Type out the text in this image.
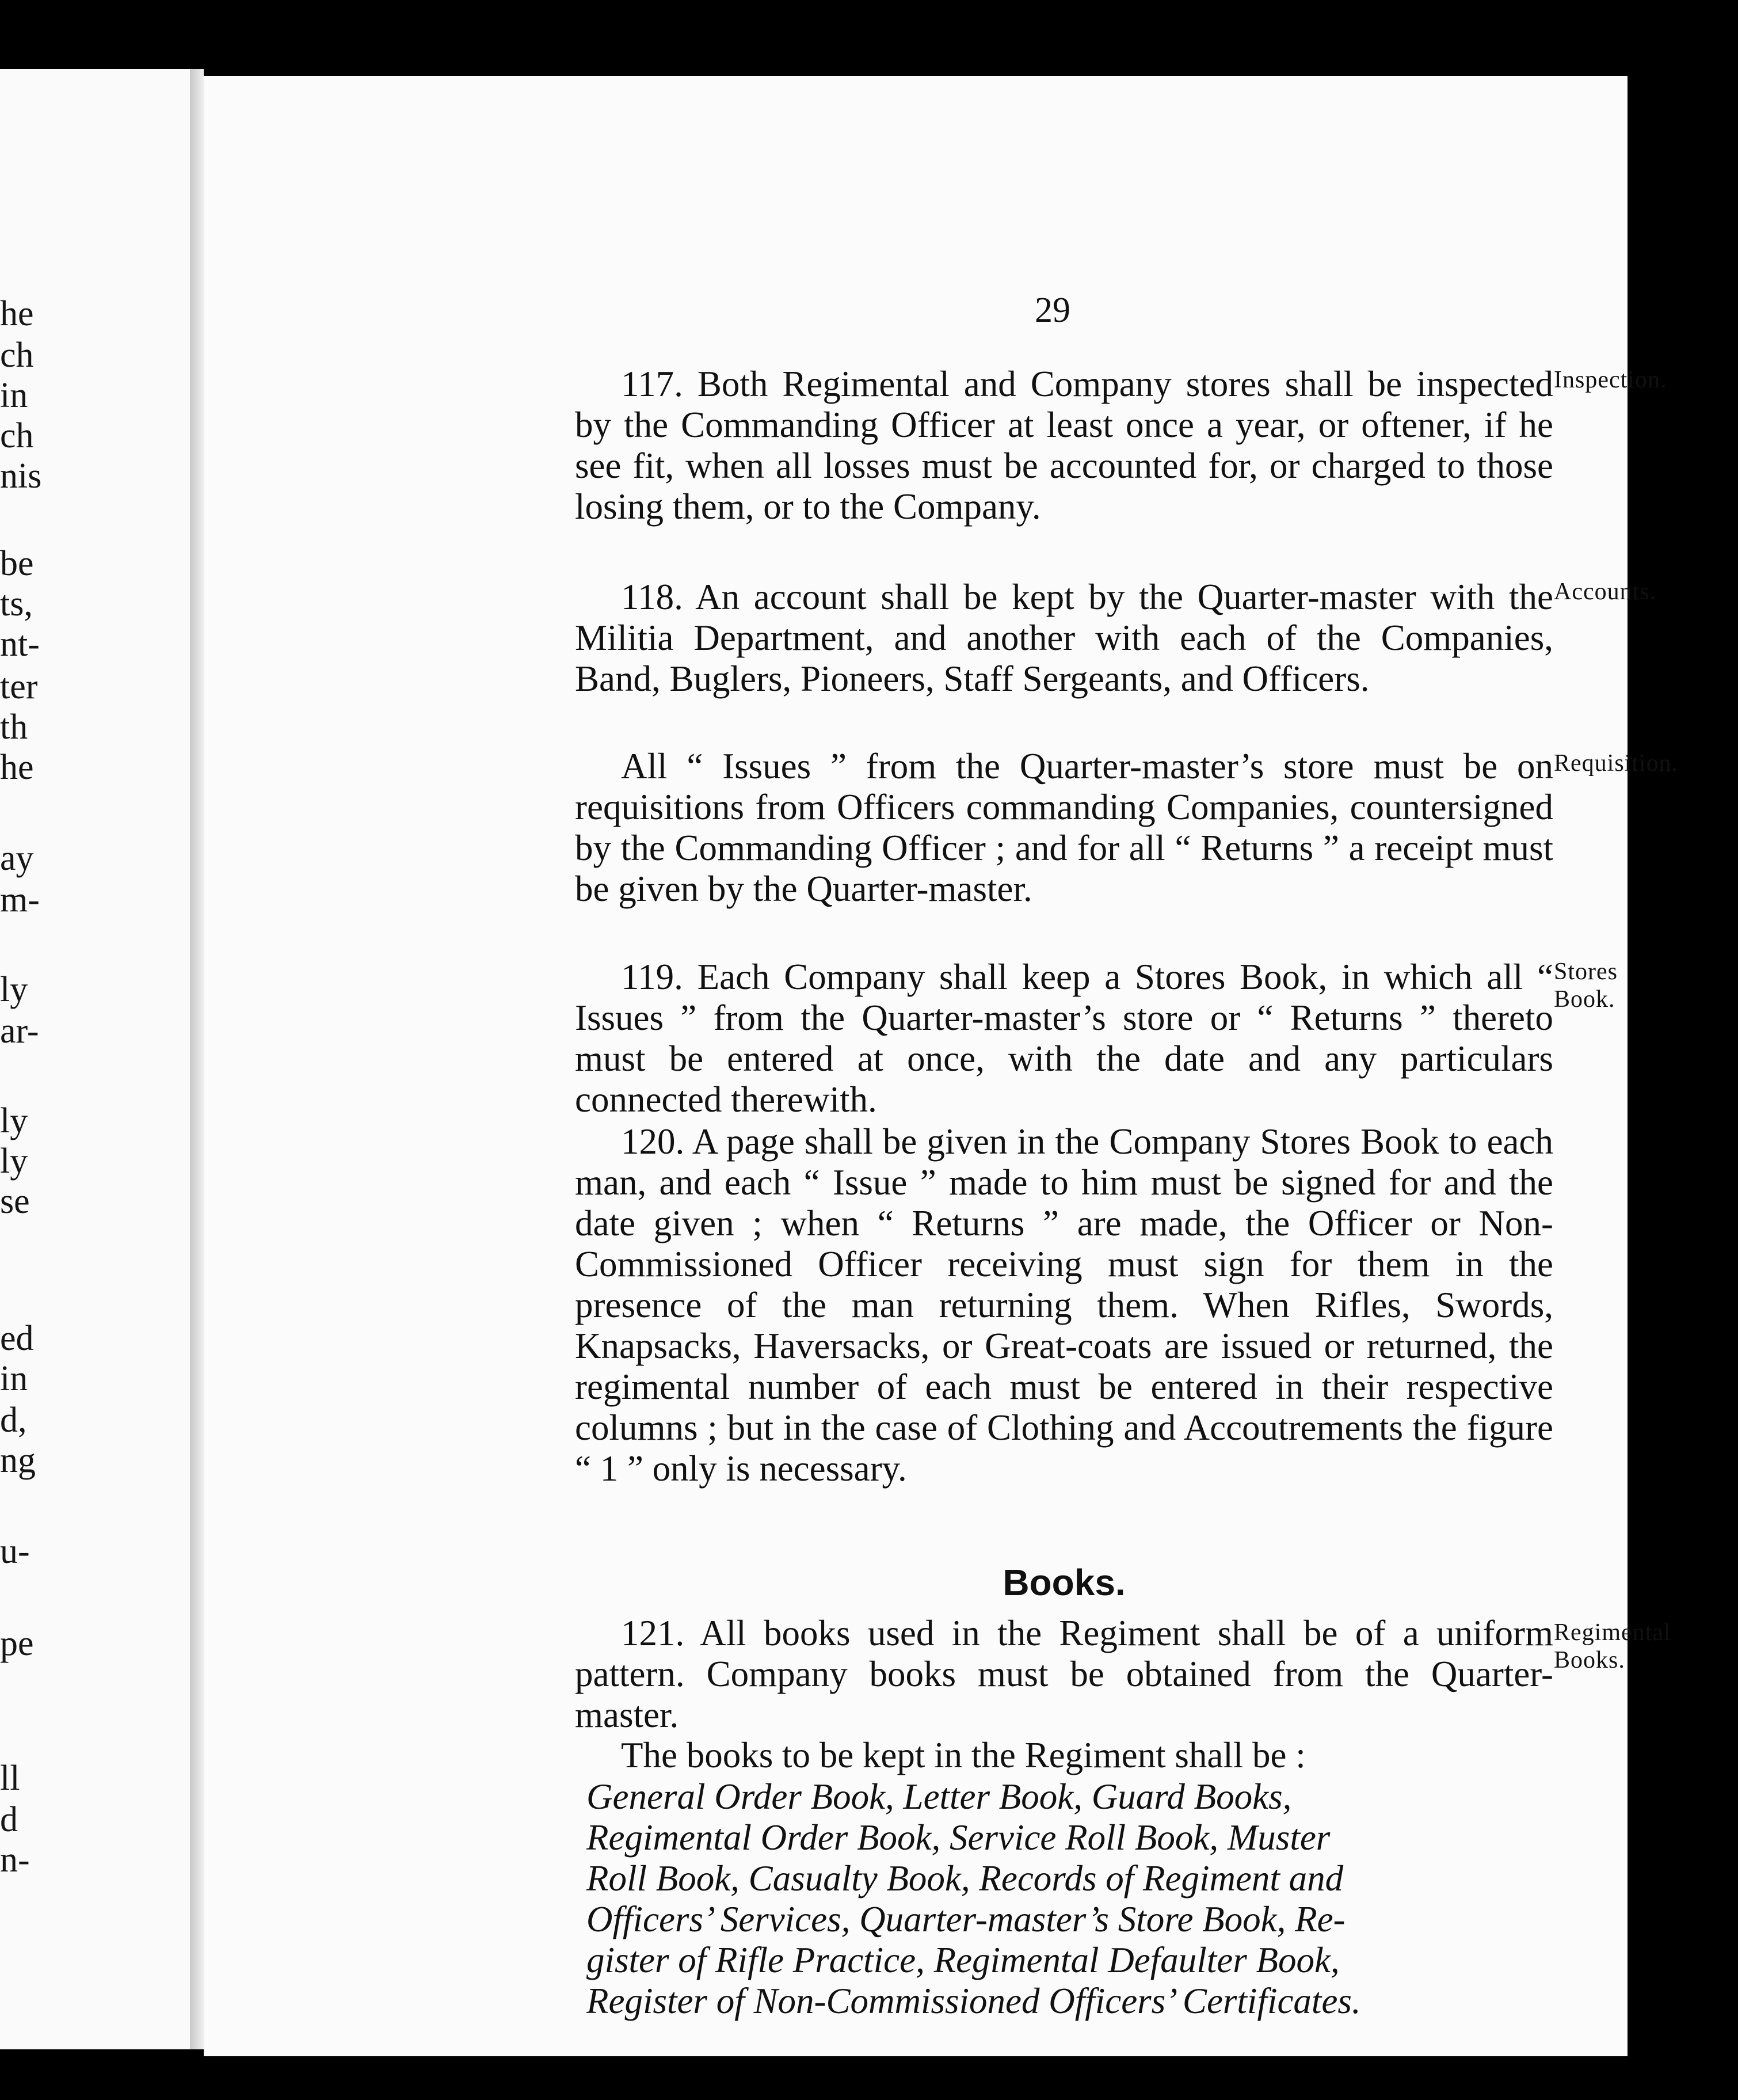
he
ch
in
ch
nis
be
ts,
nt-
ter
th
he
ay
m-
ly
ar-
ly
ly
se
ed
in
d,
ng
u-
pe
ll
d
n-
29
117. Both Regimental and Company stores shall be inspected by the Commanding Officer at least once a year, or oftener, if he see fit, when all losses must be accounted for, or charged to those losing them, or to the Company.
Inspection.
118. An account shall be kept by the Quarter-master with the Militia Department, and another with each of the Companies, Band, Buglers, Pioneers, Staff Sergeants, and Officers.
Accounts.
All “ Issues ” from the Quarter-master’s store must be on requisitions from Officers commanding Companies, countersigned by the Commanding Officer ; and for all “ Returns ” a receipt must be given by the Quarter-master.
Requisition.
119. Each Company shall keep a Stores Book, in which all “ Issues ” from the Quarter-master’s store or “ Returns ” thereto must be entered at once, with the date and any particulars connected therewith.
Stores
Book.
120. A page shall be given in the Company Stores Book to each man, and each “ Issue ” made to him must be signed for and the date given ; when “ Returns ” are made, the Officer or Non-Commissioned Officer receiving must sign for them in the presence of the man returning them. When Rifles, Swords, Knapsacks, Haversacks, or Great-coats are issued or returned, the regimental number of each must be entered in their respective columns ; but in the case of Clothing and Accoutrements the figure “ 1 ” only is necessary.
Books.
121. All books used in the Regiment shall be of a uniform pattern. Company books must be obtained from the Quarter-master.
Regimental
Books.
The books to be kept in the Regiment shall be :
General Order Book, Letter Book, Guard Books,
Regimental Order Book, Service Roll Book, Muster
Roll Book, Casualty Book, Records of Regiment and
Officers’ Services, Quarter-master’s Store Book, Re-
gister of Rifle Practice, Regimental Defaulter Book,
Register of Non-Commissioned Officers’ Certificates.
